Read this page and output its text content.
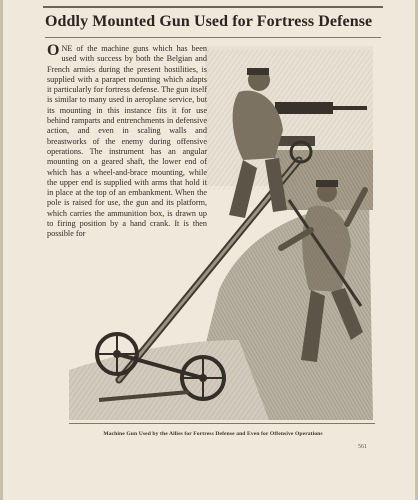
Oddly Mounted Gun Used for Fortress Defense
O NE of the machine guns which has been used with success by both the Belgian and French armies during the present hostilities, is supplied with a parapet mounting which adapts it particularly for fortress defense. The gun itself is similar to many used in aeroplane service, but its mounting in this instance fits it for use behind ramparts and entrenchments in defensive action, and even in scaling walls and breastworks of the enemy during offensive operations. The instrument has an angular mounting on a geared shaft, the lower end of which has a wheel-and-brace mounting, while the upper end is supplied with arms that hold it in place at the top of an embankment. When the pole is raised for use, the gun and its platform, which carries the ammunition box, is drawn up to firing position by a hand crank. It is then possible for

Machine Gun Used by the Allies for Fortress Defense and Even for Offensive Operations
561
